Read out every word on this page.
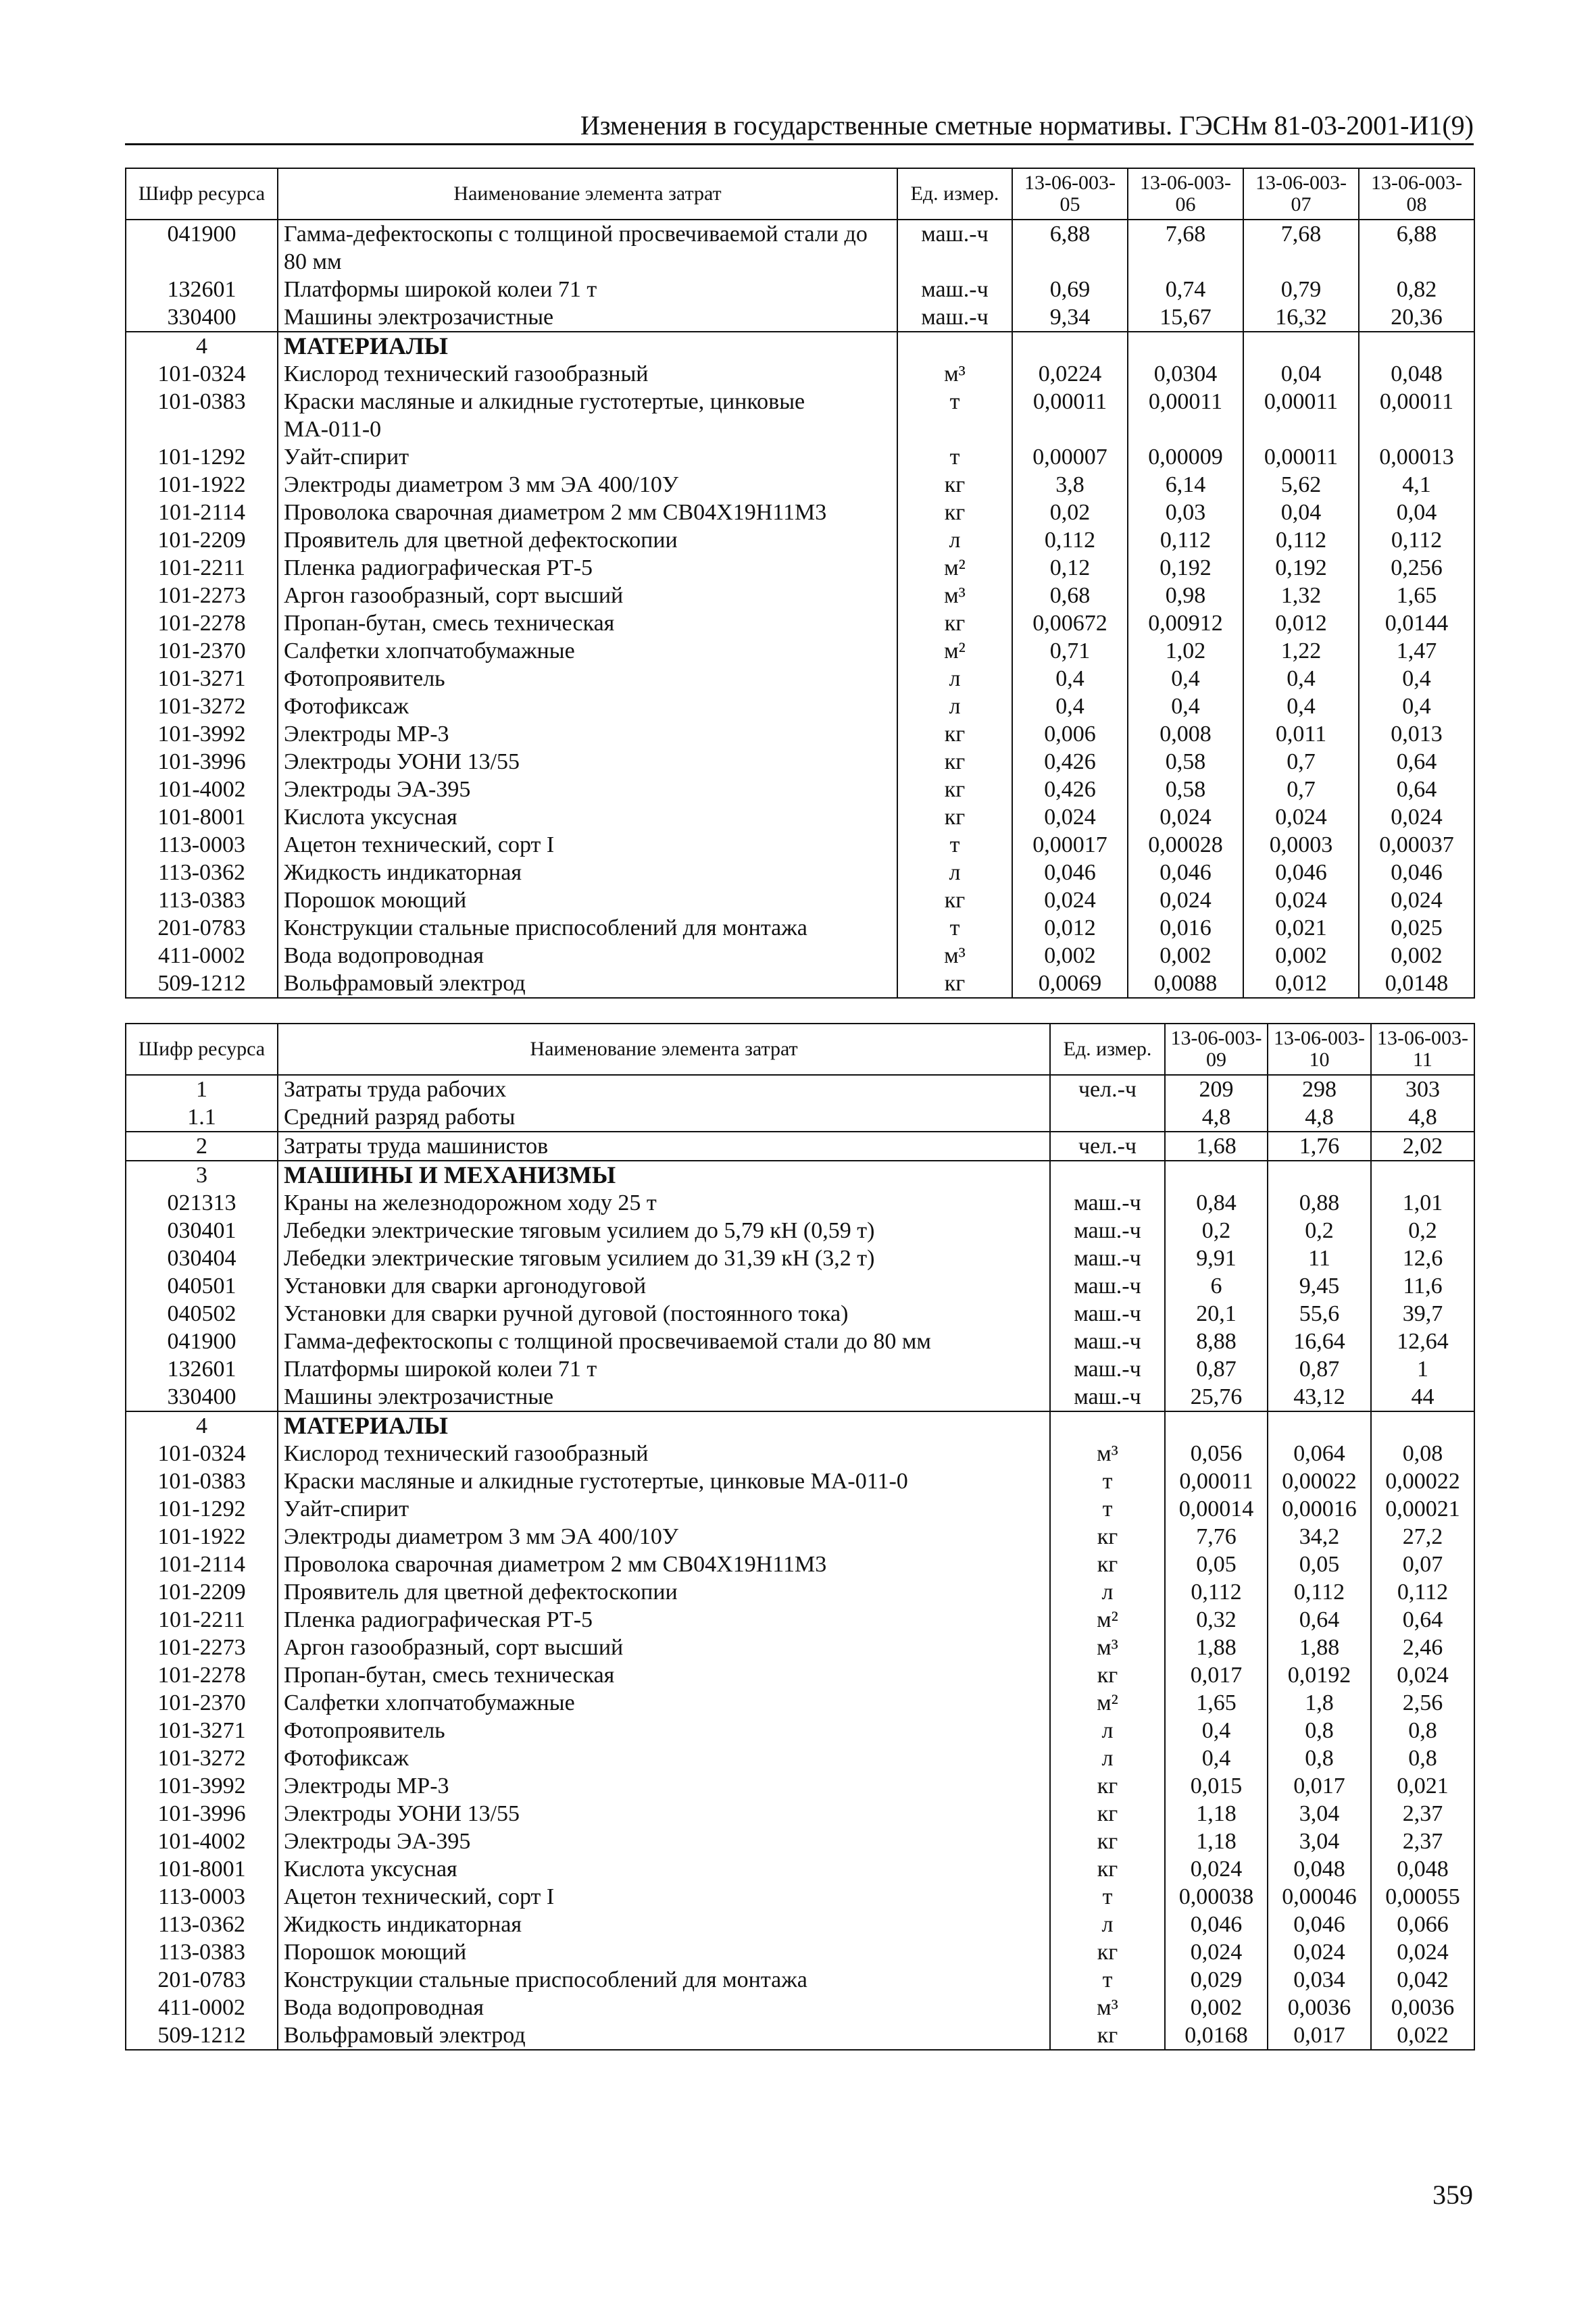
Изменения в государственные сметные нормативы. ГЭСНм 81-03-2001-И1(9)
Шифр ресурса	Наименование элемента затрат	Ед. измер.	13-06-003-05	13-06-003-06	13-06-003-07	13-06-003-08
041900	Гамма-дефектоскопы с толщиной просвечиваемой стали до 80 мм	маш.-ч	6,88	7,68	7,68	6,88
132601	Платформы широкой колеи 71 т	маш.-ч	0,69	0,74	0,79	0,82
330400	Машины электрозачистные	маш.-ч	9,34	15,67	16,32	20,36
4	МАТЕРИАЛЫ					
101-0324	Кислород технический газообразный	м³	0,0224	0,0304	0,04	0,048
101-0383	Краски масляные и алкидные густотертые, цинковые МА-011-0	т	0,00011	0,00011	0,00011	0,00011
101-1292	Уайт-спирит	т	0,00007	0,00009	0,00011	0,00013
101-1922	Электроды диаметром 3 мм ЭА 400/10У	кг	3,8	6,14	5,62	4,1
101-2114	Проволока сварочная диаметром 2 мм СВ04Х19Н11М3	кг	0,02	0,03	0,04	0,04
101-2209	Проявитель для цветной дефектоскопии	л	0,112	0,112	0,112	0,112
101-2211	Пленка радиографическая РТ-5	м²	0,12	0,192	0,192	0,256
101-2273	Аргон газообразный, сорт высший	м³	0,68	0,98	1,32	1,65
101-2278	Пропан-бутан, смесь техническая	кг	0,00672	0,00912	0,012	0,0144
101-2370	Салфетки хлопчатобумажные	м²	0,71	1,02	1,22	1,47
101-3271	Фотопроявитель	л	0,4	0,4	0,4	0,4
101-3272	Фотофиксаж	л	0,4	0,4	0,4	0,4
101-3992	Электроды МР-3	кг	0,006	0,008	0,011	0,013
101-3996	Электроды УОНИ 13/55	кг	0,426	0,58	0,7	0,64
101-4002	Электроды ЭА-395	кг	0,426	0,58	0,7	0,64
101-8001	Кислота уксусная	кг	0,024	0,024	0,024	0,024
113-0003	Ацетон технический, сорт I	т	0,00017	0,00028	0,0003	0,00037
113-0362	Жидкость индикаторная	л	0,046	0,046	0,046	0,046
113-0383	Порошок моющий	кг	0,024	0,024	0,024	0,024
201-0783	Конструкции стальные приспособлений для монтажа	т	0,012	0,016	0,021	0,025
411-0002	Вода водопроводная	м³	0,002	0,002	0,002	0,002
509-1212	Вольфрамовый электрод	кг	0,0069	0,0088	0,012	0,0148
Шифр ресурса	Наименование элемента затрат	Ед. измер.	13-06-003-09	13-06-003-10	13-06-003-11
1	Затраты труда рабочих	чел.-ч	209	298	303
1.1	Средний разряд работы		4,8	4,8	4,8
2	Затраты труда машинистов	чел.-ч	1,68	1,76	2,02
3	МАШИНЫ И МЕХАНИЗМЫ				
021313	Краны на железнодорожном ходу 25 т	маш.-ч	0,84	0,88	1,01
030401	Лебедки электрические тяговым усилием до 5,79 кН (0,59 т)	маш.-ч	0,2	0,2	0,2
030404	Лебедки электрические тяговым усилием до 31,39 кН (3,2 т)	маш.-ч	9,91	11	12,6
040501	Установки для сварки аргонодуговой	маш.-ч	6	9,45	11,6
040502	Установки для сварки ручной дуговой (постоянного тока)	маш.-ч	20,1	55,6	39,7
041900	Гамма-дефектоскопы с толщиной просвечиваемой стали до 80 мм	маш.-ч	8,88	16,64	12,64
132601	Платформы широкой колеи 71 т	маш.-ч	0,87	0,87	1
330400	Машины электрозачистные	маш.-ч	25,76	43,12	44
4	МАТЕРИАЛЫ				
101-0324	Кислород технический газообразный	м³	0,056	0,064	0,08
101-0383	Краски масляные и алкидные густотертые, цинковые МА-011-0	т	0,00011	0,00022	0,00022
101-1292	Уайт-спирит	т	0,00014	0,00016	0,00021
101-1922	Электроды диаметром 3 мм ЭА 400/10У	кг	7,76	34,2	27,2
101-2114	Проволока сварочная диаметром 2 мм СВ04Х19Н11М3	кг	0,05	0,05	0,07
101-2209	Проявитель для цветной дефектоскопии	л	0,112	0,112	0,112
101-2211	Пленка радиографическая РТ-5	м²	0,32	0,64	0,64
101-2273	Аргон газообразный, сорт высший	м³	1,88	1,88	2,46
101-2278	Пропан-бутан, смесь техническая	кг	0,017	0,0192	0,024
101-2370	Салфетки хлопчатобумажные	м²	1,65	1,8	2,56
101-3271	Фотопроявитель	л	0,4	0,8	0,8
101-3272	Фотофиксаж	л	0,4	0,8	0,8
101-3992	Электроды МР-3	кг	0,015	0,017	0,021
101-3996	Электроды УОНИ 13/55	кг	1,18	3,04	2,37
101-4002	Электроды ЭА-395	кг	1,18	3,04	2,37
101-8001	Кислота уксусная	кг	0,024	0,048	0,048
113-0003	Ацетон технический, сорт I	т	0,00038	0,00046	0,00055
113-0362	Жидкость индикаторная	л	0,046	0,046	0,066
113-0383	Порошок моющий	кг	0,024	0,024	0,024
201-0783	Конструкции стальные приспособлений для монтажа	т	0,029	0,034	0,042
411-0002	Вода водопроводная	м³	0,002	0,0036	0,0036
509-1212	Вольфрамовый электрод	кг	0,0168	0,017	0,022
359
